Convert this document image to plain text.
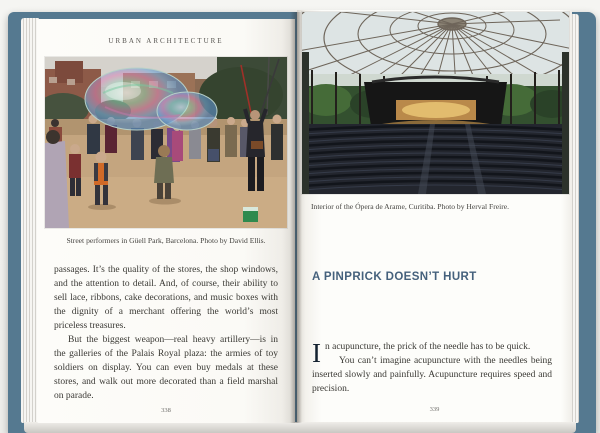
URBAN ARCHITECTURE
Street performers in Güell Park, Barcelona. Photo by David Ellis.

passages. It’s the quality of the stores, the shop windows, and the attention to detail. And, of course, their ability to sell lace, ribbons, cake decorations, and music boxes with the dignity of a merchant offering the world’s most priceless treasures.

But the biggest weapon—real heavy artillery—is in the galleries of the Palais Royal plaza: the armies of toy soldiers on display. You can even buy medals at these stores, and walk out more decorated than a field marshal on parade.

338
Interior of the Ópera de Arame, Curitiba. Photo by Herval Freire.
A PINPRICK DOESN’T HURT

In acupuncture, the prick of the needle has to be quick.

You can’t imagine acupuncture with the needles being inserted slowly and painfully. Acupuncture requires speed and precision.

339
